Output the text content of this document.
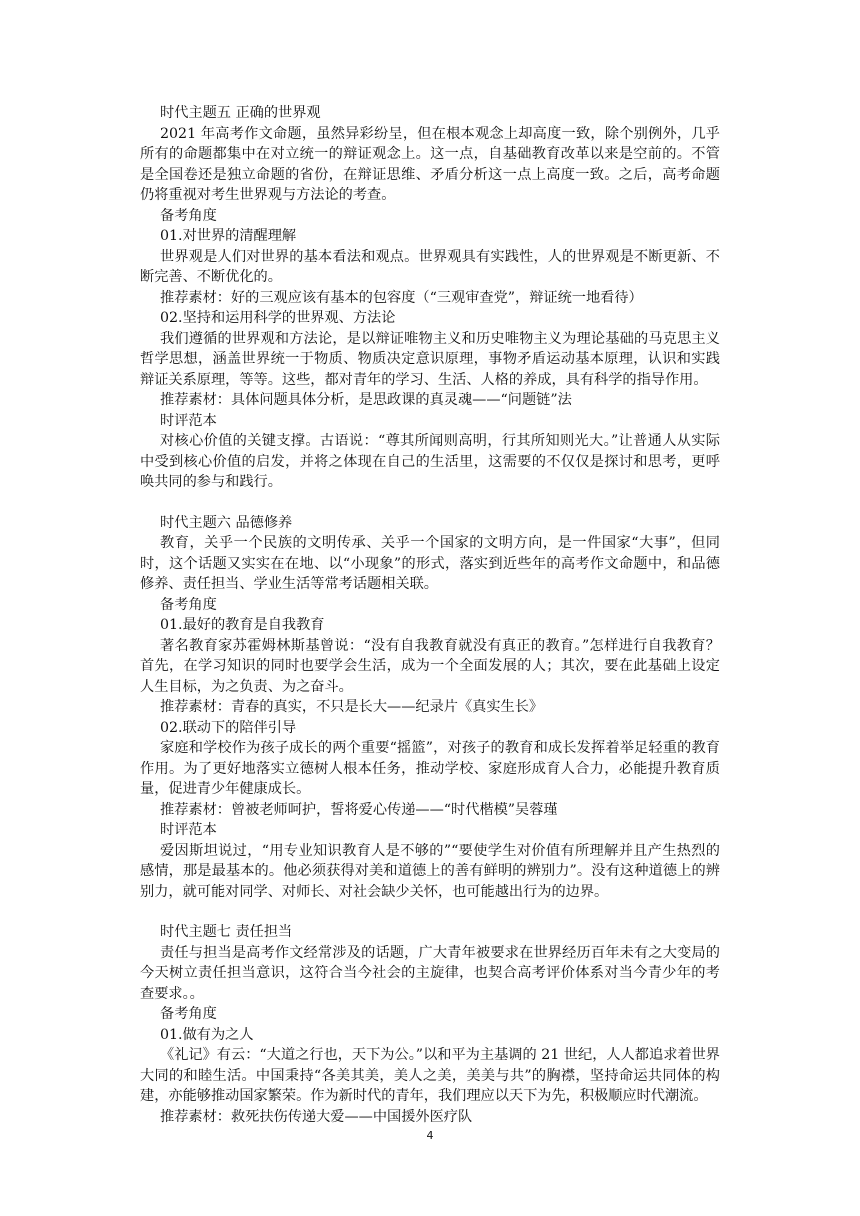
时代主题五 正确的世界观

2021 年高考作文命题，虽然异彩纷呈，但在根本观念上却高度一致，除个别例外，几乎所有的命题都集中在对立统一的辩证观念上。这一点，自基础教育改革以来是空前的。不管是全国卷还是独立命题的省份，在辩证思维、矛盾分析这一点上高度一致。之后，高考命题仍将重视对考生世界观与方法论的考查。

备考角度

01.对世界的清醒理解

世界观是人们对世界的基本看法和观点。世界观具有实践性，人的世界观是不断更新、不断完善、不断优化的。

推荐素材：好的三观应该有基本的包容度（“三观审查党”，辩证统一地看待）

02.坚持和运用科学的世界观、方法论

我们遵循的世界观和方法论，是以辩证唯物主义和历史唯物主义为理论基础的马克思主义哲学思想，涵盖世界统一于物质、物质决定意识原理，事物矛盾运动基本原理，认识和实践辩证关系原理，等等。这些，都对青年的学习、生活、人格的养成，具有科学的指导作用。

推荐素材：具体问题具体分析，是思政课的真灵魂——“问题链”法

时评范本

对核心价值的关键支撑。古语说：“尊其所闻则高明，行其所知则光大。”让普通人从实际中受到核心价值的启发，并将之体现在自己的生活里，这需要的不仅仅是探讨和思考，更呼唤共同的参与和践行。

时代主题六 品德修养

教育，关乎一个民族的文明传承、关乎一个国家的文明方向，是一件国家“大事”，但同时，这个话题又实实在在地、以“小现象”的形式，落实到近些年的高考作文命题中，和品德修养、责任担当、学业生活等常考话题相关联。

备考角度

01.最好的教育是自我教育

著名教育家苏霍姆林斯基曾说：“没有自我教育就没有真正的教育。”怎样进行自我教育？首先，在学习知识的同时也要学会生活，成为一个全面发展的人；其次，要在此基础上设定人生目标，为之负责、为之奋斗。

推荐素材：青春的真实，不只是长大——纪录片《真实生长》

02.联动下的陪伴引导

家庭和学校作为孩子成长的两个重要“摇篮”，对孩子的教育和成长发挥着举足轻重的教育作用。为了更好地落实立德树人根本任务，推动学校、家庭形成育人合力，必能提升教育质量，促进青少年健康成长。

推荐素材：曾被老师呵护，誓将爱心传递——“时代楷模”吴蓉瑾

时评范本

爱因斯坦说过，“用专业知识教育人是不够的”“要使学生对价值有所理解并且产生热烈的感情，那是最基本的。他必须获得对美和道德上的善有鲜明的辨别力”。没有这种道德上的辨别力，就可能对同学、对师长、对社会缺少关怀，也可能越出行为的边界。

时代主题七 责任担当

责任与担当是高考作文经常涉及的话题，广大青年被要求在世界经历百年未有之大变局的今天树立责任担当意识，这符合当今社会的主旋律，也契合高考评价体系对当今青少年的考查要求。。

备考角度

01.做有为之人

《礼记》有云：“大道之行也，天下为公。”以和平为主基调的 21 世纪，人人都追求着世界大同的和睦生活。中国秉持“各美其美，美人之美，美美与共”的胸襟，坚持命运共同体的构建，亦能够推动国家繁荣。作为新时代的青年，我们理应以天下为先，积极顺应时代潮流。

推荐素材：救死扶伤传递大爱——中国援外医疗队

4
